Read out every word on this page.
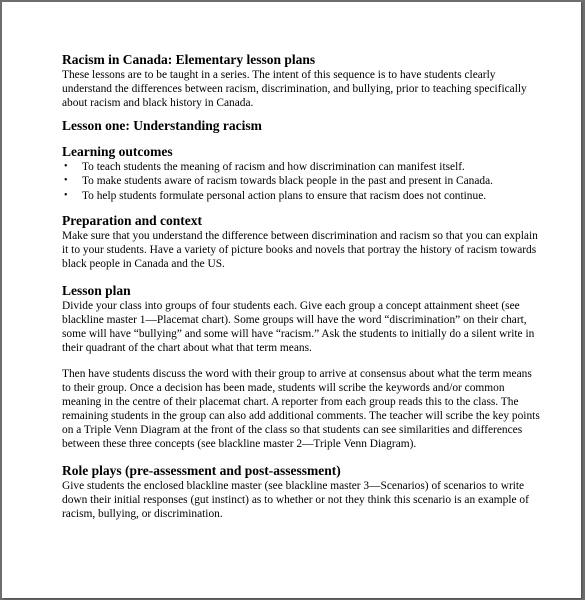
Racism in Canada: Elementary lesson plans

These lessons are to be taught in a series. The intent of this sequence is to have students clearly understand the differences between racism, discrimination, and bullying, prior to teaching specifically about racism and black history in Canada.

Lesson one: Understanding racism
Learning outcomes
• To teach students the meaning of racism and how discrimination can manifest itself.
• To make students aware of racism towards black people in the past and present in Canada.
• To help students formulate personal action plans to ensure that racism does not continue.
Preparation and context

Make sure that you understand the difference between discrimination and racism so that you can explain it to your students. Have a variety of picture books and novels that portray the history of racism towards black people in Canada and the US.

Lesson plan

Divide your class into groups of four students each. Give each group a concept attainment sheet (see blackline master 1—Placemat chart). Some groups will have the word “discrimination” on their chart, some will have “bullying” and some will have “racism.” Ask the students to initially do a silent write in their quadrant of the chart about what that term means.

Then have students discuss the word with their group to arrive at consensus about what the term means to their group. Once a decision has been made, students will scribe the keywords and/or common meaning in the centre of their placemat chart. A reporter from each group reads this to the class. The remaining students in the group can also add additional comments. The teacher will scribe the key points on a Triple Venn Diagram at the front of the class so that students can see similarities and differences between these three concepts (see blackline master 2—Triple Venn Diagram).

Role plays (pre-assessment and post-assessment)

Give students the enclosed blackline master (see blackline master 3—Scenarios) of scenarios to write down their initial responses (gut instinct) as to whether or not they think this scenario is an example of racism, bullying, or discrimination.
